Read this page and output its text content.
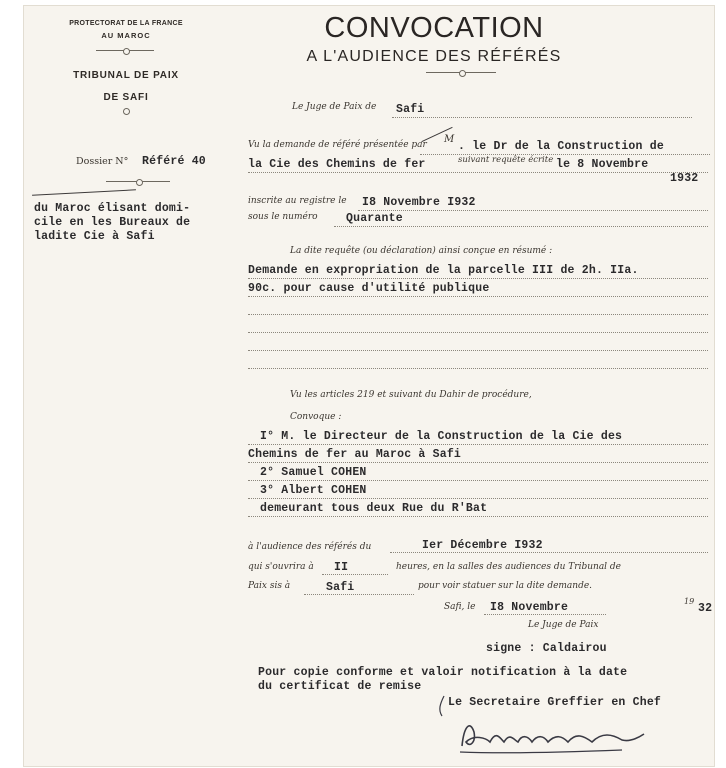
PROTECTORAT DE LA FRANCE
AU MAROC
TRIBUNAL DE PAIX
DE SAFI
CONVOCATION
A L'AUDIENCE DES RÉFÉRÉS
Le Juge de Paix de Safi
Dossier N° Référé 40
du Maroc élisant domi-
cile en les Bureaux de
ladite Cie à Safi
Vu la demande de référé présentée par M
. le Dr de la Construction de
la Cie des Chemins de fer	suivant requête écrite le 8 Novembre
1932
inscrite au registre le I8 Novembre I932
sous le numéro Quarante
La dite requête (ou déclaration) ainsi conçue en résumé :
Demande en expropriation de la parcelle III de 2h. IIa.
90c. pour cause d'utilité publique
Vu les articles 219 et suivant du Dahir de procédure,
Convoque :
I° M. le Directeur de la Construction de la Cie des
Chemins de fer au Maroc à Safi
2° Samuel COHEN
3° Albert COHEN
demeurant tous deux Rue du R'Bat
à l'audience des référés du	Ier Décembre I932
qui s'ouvrira à II	heures, en la salles des audiences du Tribunal de
Paix sis à	Safi	pour voir statuer sur la dite demande.
Safi, le I8 Novembre	19
32
Le Juge de Paix
signe : Caldairou
Pour copie conforme et valoir notification à la date
du certificat de remise
Le Secretaire Greffier en Chef
